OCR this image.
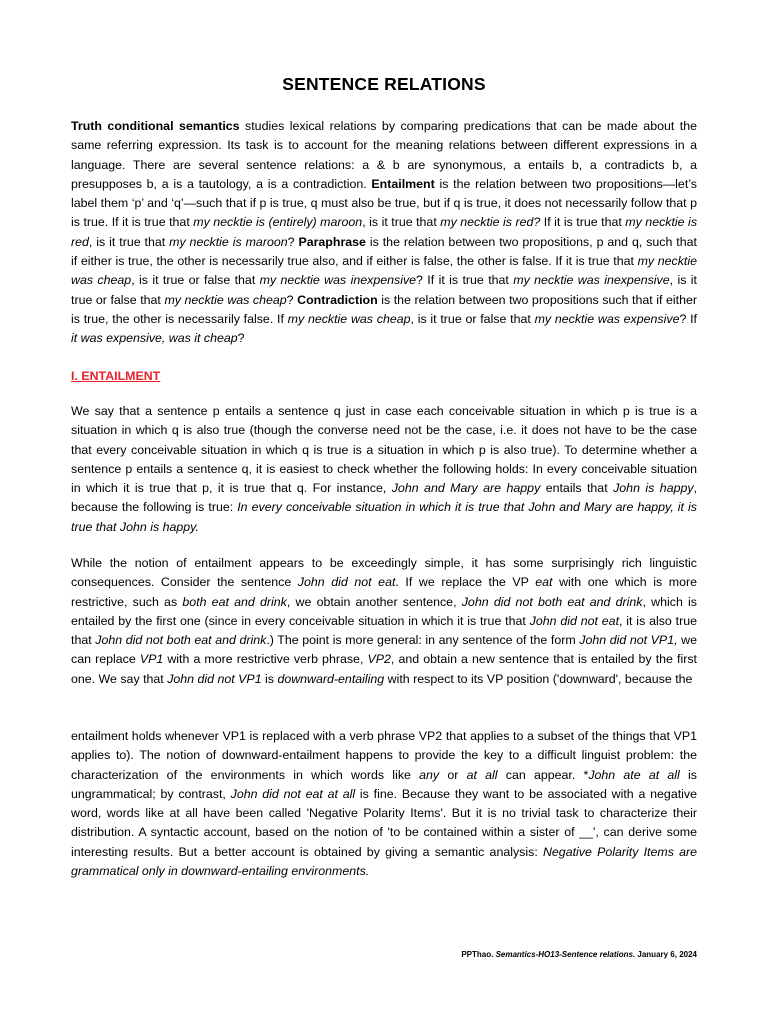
SENTENCE RELATIONS

Truth conditional semantics studies lexical relations by comparing predications that can be made about the same referring expression. Its task is to account for the meaning relations between different expressions in a language. There are several sentence relations: a & b are synonymous, a entails b, a contradicts b, a presupposes b, a is a tautology, a is a contradiction. Entailment is the relation between two propositions—let’s label them ‘p’ and ‘q’—such that if p is true, q must also be true, but if q is true, it does not necessarily follow that p is true. If it is true that my necktie is (entirely) maroon, is it true that my necktie is red? If it is true that my necktie is red, is it true that my necktie is maroon? Paraphrase is the relation between two propositions, p and q, such that if either is true, the other is necessarily true also, and if either is false, the other is false. If it is true that my necktie was cheap, is it true or false that my necktie was inexpensive? If it is true that my necktie was inexpensive, is it true or false that my necktie was cheap? Contradiction is the relation between two propositions such that if either is true, the other is necessarily false. If my necktie was cheap, is it true or false that my necktie was expensive? If it was expensive, was it cheap?

I. ENTAILMENT

We say that a sentence p entails a sentence q just in case each conceivable situation in which p is true is a situation in which q is also true (though the converse need not be the case, i.e. it does not have to be the case that every conceivable situation in which q is true is a situation in which p is also true). To determine whether a sentence p entails a sentence q, it is easiest to check whether the following holds: In every conceivable situation in which it is true that p, it is true that q. For instance, John and Mary are happy entails that John is happy, because the following is true: In every conceivable situation in which it is true that John and Mary are happy, it is true that John is happy.

While the notion of entailment appears to be exceedingly simple, it has some surprisingly rich linguistic consequences. Consider the sentence John did not eat. If we replace the VP eat with one which is more restrictive, such as both eat and drink, we obtain another sentence, John did not both eat and drink, which is entailed by the first one (since in every conceivable situation in which it is true that John did not eat, it is also true that John did not both eat and drink.) The point is more general: in any sentence of the form John did not VP1, we can replace VP1 with a more restrictive verb phrase, VP2, and obtain a new sentence that is entailed by the first one. We say that John did not VP1 is downward-entailing with respect to its VP position ('downward', because the

entailment holds whenever VP1 is replaced with a verb phrase VP2 that applies to a subset of the things that VP1 applies to). The notion of downward-entailment happens to provide the key to a difficult linguist problem: the characterization of the environments in which words like any or at all can appear. *John ate at all is ungrammatical; by contrast, John did not eat at all is fine. Because they want to be associated with a negative word, words like at all have been called 'Negative Polarity Items'. But it is no trivial task to characterize their distribution. A syntactic account, based on the notion of 'to be contained within a sister of __', can derive some interesting results. But a better account is obtained by giving a semantic analysis: Negative Polarity Items are grammatical only in downward-entailing environments.

PPThao. Semantics-HO13-Sentence relations. January 6, 2024
